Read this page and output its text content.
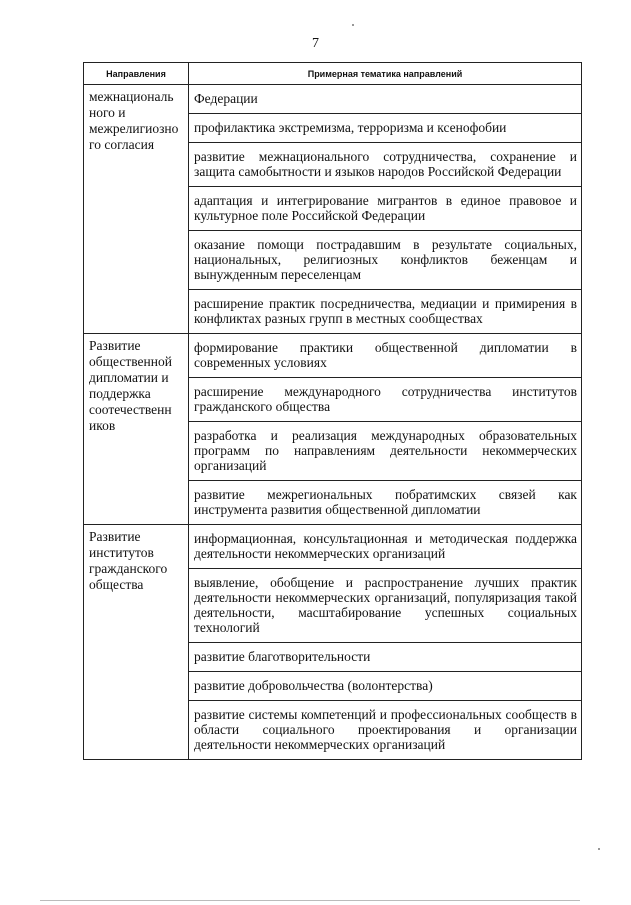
7
Направления	Примерная тематика направлений
межнациональ ного и межрелигиозно го согласия	Федерации
	профилактика экстремизма, терроризма и ксенофобии
	развитие межнационального сотрудничества, сохранение и защита самобытности и языков народов Российской Федерации
	адаптация и интегрирование мигрантов в единое правовое и культурное поле Российской Федерации
	оказание помощи пострадавшим в результате социальных, национальных, религиозных конфликтов беженцам и вынужденным переселенцам
	расширение практик посредничества, медиации и примирения в конфликтах разных групп в местных сообществах
Развитие общественной дипломатии и поддержка соотечественн иков	формирование практики общественной дипломатии в современных условиях
	расширение международного сотрудничества институтов гражданского общества
	разработка и реализация международных образовательных программ по направлениям деятельности некоммерческих организаций
	развитие межрегиональных побратимских связей как инструмента развития общественной дипломатии
Развитие институтов гражданского общества	информационная, консультационная и методическая поддержка деятельности некоммерческих организаций
	выявление, обобщение и распространение лучших практик деятельности некоммерческих организаций, популяризация такой деятельности, масштабирование успешных социальных технологий
	развитие благотворительности
	развитие добровольчества (волонтерства)
	развитие системы компетенций и профессиональных сообществ в области социального проектирования и организации деятельности некоммерческих организаций
